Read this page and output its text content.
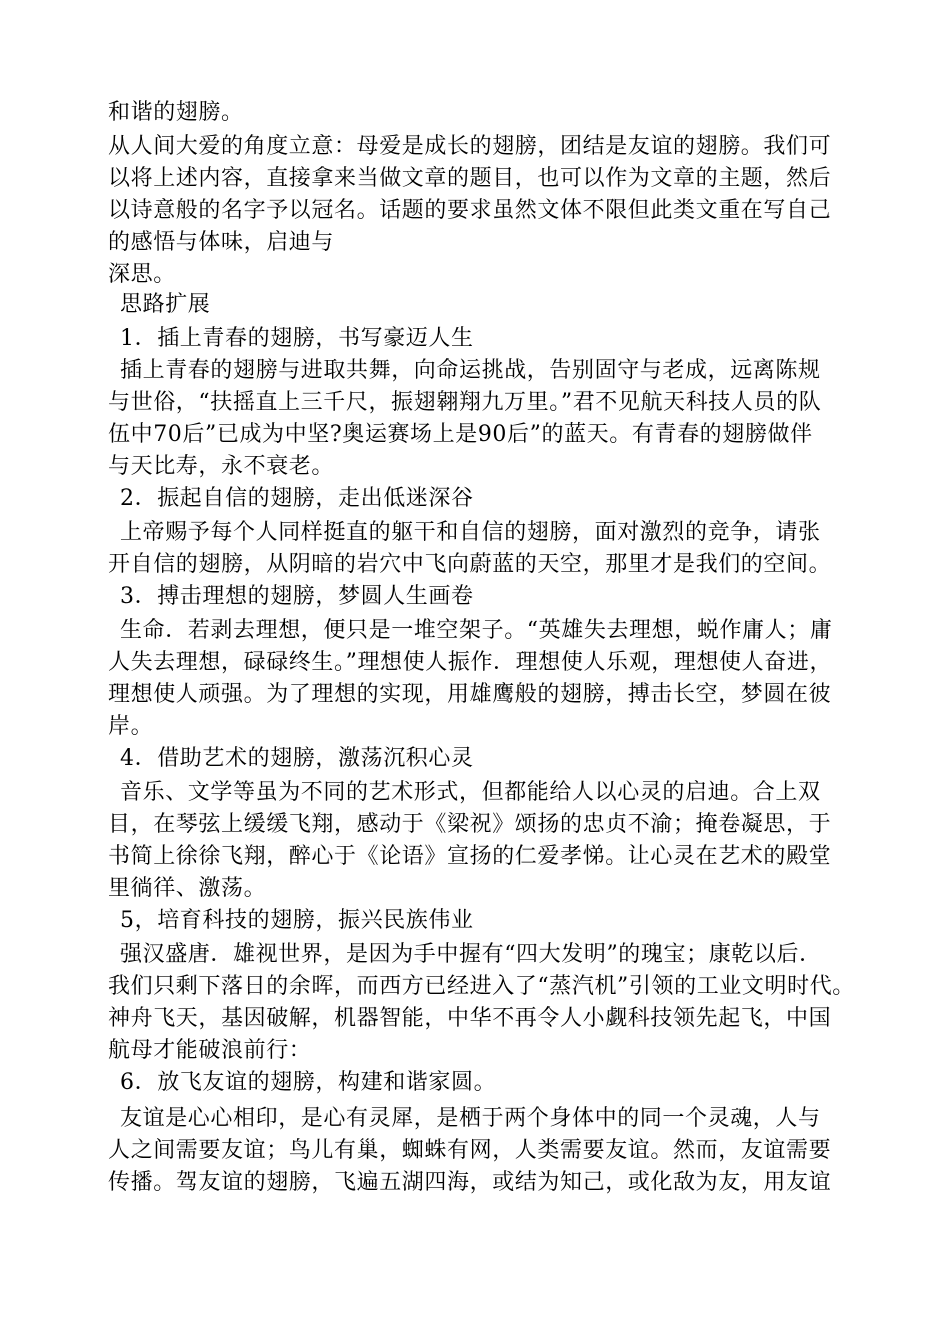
和谐的翅膀。
从人间大爱的角度立意：母爱是成长的翅膀，团结是友谊的翅膀。我们可
以将上述内容，直接拿来当做文章的题目，也可以作为文章的主题，然后
以诗意般的名字予以冠名。话题的要求虽然文体不限但此类文重在写自己
的感悟与体味，启迪与
深思。
思路扩展
1．插上青春的翅膀，书写豪迈人生
插上青春的翅膀与进取共舞，向命运挑战，告别固守与老成，远离陈规
与世俗，“扶摇直上三千尺，振翅翱翔九万里。”君不见航天科技人员的队
伍中70后”已成为中坚?奥运赛场上是90后”的蓝天。有青春的翅膀做伴
与天比寿，永不衰老。
2．振起自信的翅膀，走出低迷深谷
上帝赐予每个人同样挺直的躯干和自信的翅膀，面对激烈的竞争，请张
开自信的翅膀，从阴暗的岩穴中飞向蔚蓝的天空，那里才是我们的空间。
3．搏击理想的翅膀，梦圆人生画卷
生命．若剥去理想，便只是一堆空架子。“英雄失去理想，蜕作庸人；庸
人失去理想，碌碌终生。”理想使人振作．理想使人乐观，理想使人奋进，
理想使人顽强。为了理想的实现，用雄鹰般的翅膀，搏击长空，梦圆在彼
岸。
4．借助艺术的翅膀，激荡沉积心灵
音乐、文学等虽为不同的艺术形式，但都能给人以心灵的启迪。合上双
目，在琴弦上缓缓飞翔，感动于《梁祝》颂扬的忠贞不渝；掩卷凝思，于
书简上徐徐飞翔，醉心于《论语》宣扬的仁爱孝悌。让心灵在艺术的殿堂
里徜徉、激荡。
5，培育科技的翅膀，振兴民族伟业
强汉盛唐．雄视世界，是因为手中握有“四大发明”的瑰宝；康乾以后．
我们只剩下落日的余晖，而西方已经进入了“蒸汽机”引领的工业文明时代。
神舟飞天，基因破解，机器智能，中华不再令人小觑科技领先起飞，中国
航母才能破浪前行：
6．放飞友谊的翅膀，构建和谐家圆。
友谊是心心相印，是心有灵犀，是栖于两个身体中的同一个灵魂，人与
人之间需要友谊；鸟儿有巢，蜘蛛有网，人类需要友谊。然而，友谊需要
传播。驾友谊的翅膀，飞遍五湖四海，或结为知己，或化敌为友，用友谊
